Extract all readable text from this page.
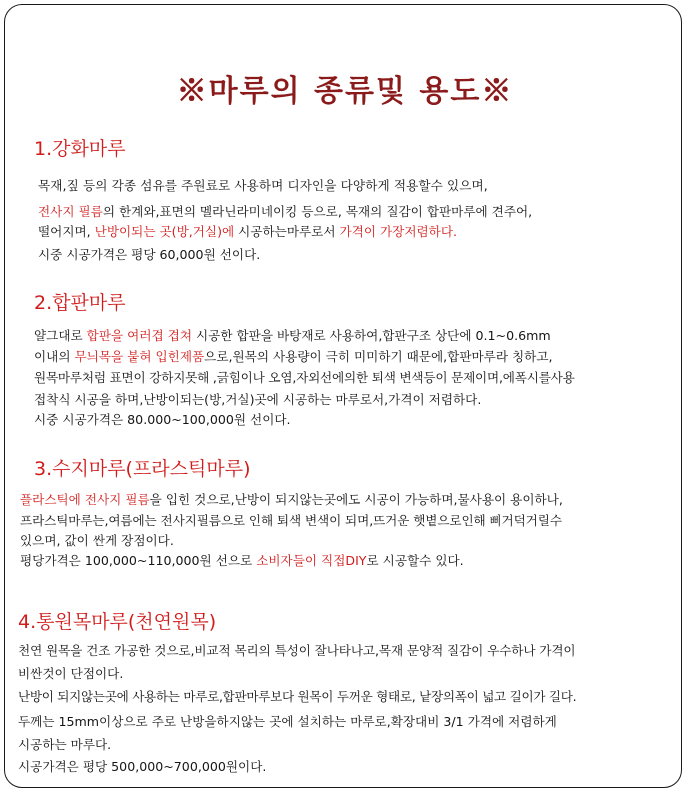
※마루의 종류및 용도※
1.강화마루
목재,짚 등의 각종 섬유를 주원료로 사용하며 디자인을 다양하게 적용할수 있으며,
전사지 필름의 한계와,표면의 멜라닌라미네이킹 등으로, 목재의 질감이 합판마루에 견주어,
떨어지며, 난방이되는 곳(방,거실)에 시공하는마루로서 가격이 가장저렴하다.
시중 시공가격은 평당 60,000원 선이다.
2.합판마루
얄그대로 합판을 여러겹 겹쳐 시공한 합판을 바탕재로 사용하여,합판구조 상단에 0.1~0.6mm
이내의 무늬목을 붙혀 입힌제품으로,원목의 사용량이 극히 미미하기 때문에,합판마루라 칭하고,
원목마루처럼 표면이 강하지못해 ,긁힘이나 오염,자외선에의한 퇴색 변색등이 문제이며,에폭시를사용
접착식 시공을 하며,난방이되는(방,거실)곳에 시공하는 마루로서,가격이 저렴하다.
시중 시공가격은 80.000~100,000원 선이다.
3.수지마루(프라스틱마루)
플라스틱에 전사지 필름을 입힌 것으로,난방이 되지않는곳에도 시공이 가능하며,물사용이 용이하나,
프라스틱마루는,여름에는 전사지필름으로 인해 퇴색 변색이 되며,뜨거운 햇볕으로인해 삐거덕거릴수
있으며, 값이 싼게 장점이다.
평당가격은 100,000~110,000원 선으로 소비자들이 직접DIY로 시공할수 있다.
4.통원목마루(천연원목)
천연 원목을 건조 가공한 것으로,비교적 목리의 특성이 잘나타나고,목재 문양적 질감이 우수하나 가격이
비싼것이 단점이다.
난방이 되지않는곳에 사용하는 마루로,합판마루보다 원목이 두꺼운 형태로, 낱장의폭이 넓고 길이가 길다.
두께는 15mm이상으로 주로 난방을하지않는 곳에 설치하는 마루로,확장대비 3/1 가격에 저렴하게
시공하는 마루다.
시공가격은 평당 500,000~700,000원이다.
